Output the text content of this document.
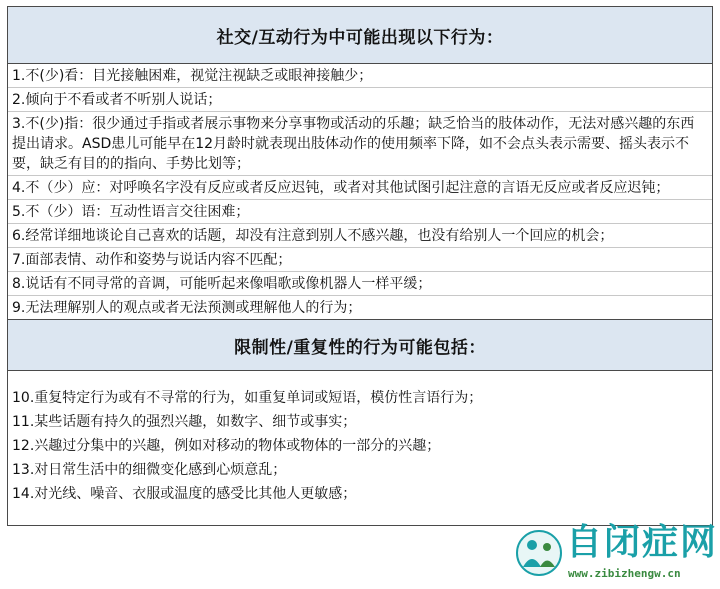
社交/互动行为中可能出现以下行为：
1.不(少)看：目光接触困难，视觉注视缺乏或眼神接触少；
2.倾向于不看或者不听别人说话；
3.不(少)指：很少通过手指或者展示事物来分享事物或活动的乐趣；缺乏恰当的肢体动作，无法对感兴趣的东西提出请求。ASD患儿可能早在12月龄时就表现出肢体动作的使用频率下降，如不会点头表示需要、摇头表示不要，缺乏有目的的指向、手势比划等；
4.不（少）应：对呼唤名字没有反应或者反应迟钝，或者对其他试图引起注意的言语无反应或者反应迟钝；
5.不（少）语：互动性语言交往困难；
6.经常详细地谈论自己喜欢的话题，却没有注意到别人不感兴趣，也没有给别人一个回应的机会；
7.面部表情、动作和姿势与说话内容不匹配；
8.说话有不同寻常的音调，可能听起来像唱歌或像机器人一样平缓；
9.无法理解别人的观点或者无法预测或理解他人的行为；
限制性/重复性的行为可能包括：
10.重复特定行为或有不寻常的行为，如重复单词或短语，模仿性言语行为；
11.某些话题有持久的强烈兴趣，如数字、细节或事实；
12.兴趣过分集中的兴趣，例如对移动的物体或物体的一部分的兴趣；
13.对日常生活中的细微变化感到心烦意乱；
14.对光线、噪音、衣服或温度的感受比其他人更敏感；
自闭症网
www.zibizhengw.cn
